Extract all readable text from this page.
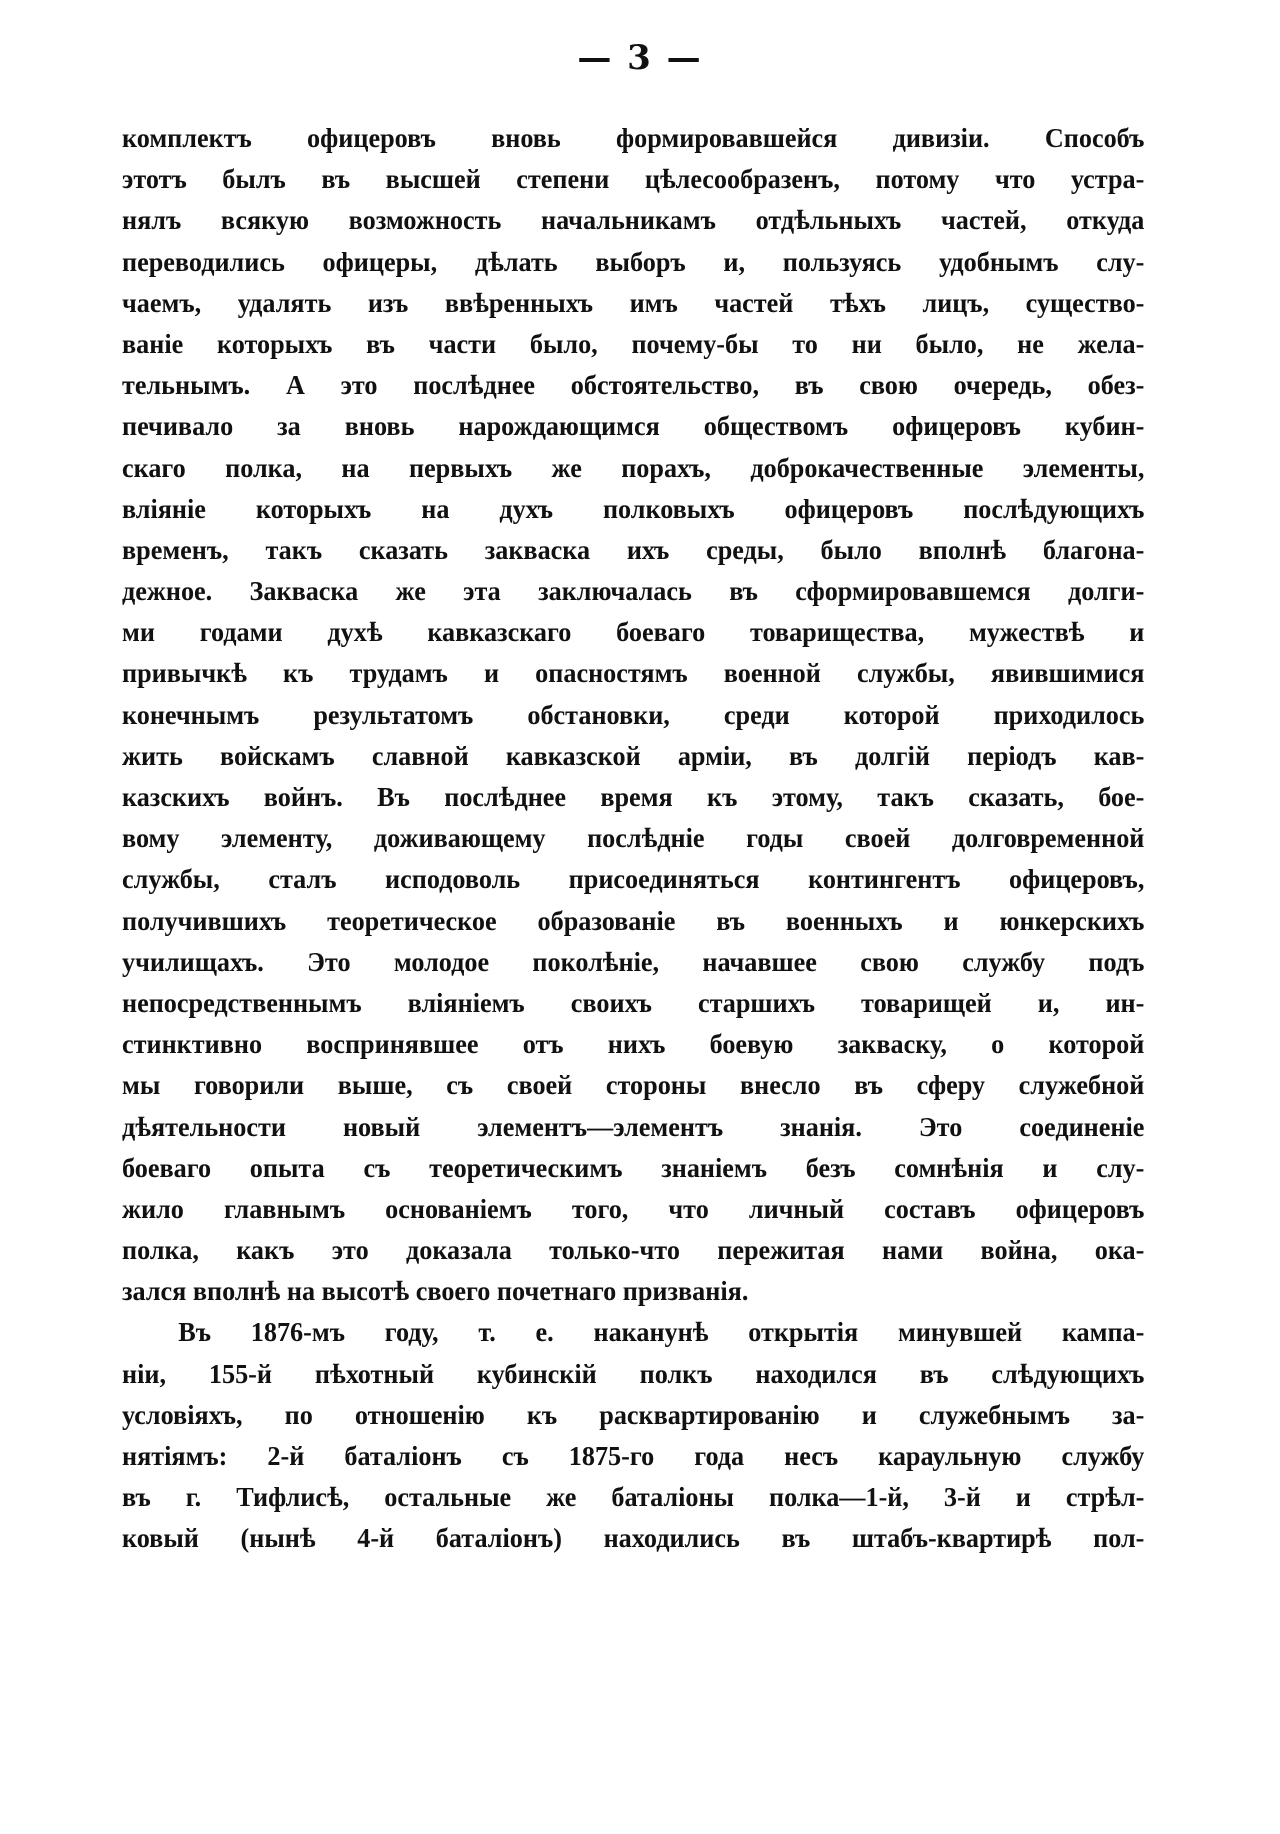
— 3 —
комплектъ офицеровъ вновь формировавшейся дивизіи. Способъ
этотъ былъ въ высшей степени цѣлесообразенъ, потому что устра-
нялъ всякую возможность начальникамъ отдѣльныхъ частей, откуда
переводились офицеры, дѣлать выборъ и, пользуясь удобнымъ слу-
чаемъ, удалять изъ ввѣренныхъ имъ частей тѣхъ лицъ, существо-
ваніе которыхъ въ части было, почему-бы то ни было, не жела-
тельнымъ. А это послѣднее обстоятельство, въ свою очередь, обез-
печивало за вновь нарождающимся обществомъ офицеровъ кубин-
скаго полка, на первыхъ же порахъ, доброкачественные элементы,
вліяніе которыхъ на духъ полковыхъ офицеровъ послѣдующихъ
временъ, такъ сказать закваска ихъ среды, было вполнѣ благона-
дежное. Закваска же эта заключалась въ сформировавшемся долги-
ми годами духѣ кавказскаго боеваго товарищества, мужествѣ и
привычкѣ къ трудамъ и опасностямъ военной службы, явившимися
конечнымъ результатомъ обстановки, среди которой приходилось
жить войскамъ славной кавказской арміи, въ долгій періодъ кав-
казскихъ войнъ. Въ послѣднее время къ этому, такъ сказать, бое-
вому элементу, доживающему послѣдніе годы своей долговременной
службы, сталъ исподоволь присоединяться контингентъ офицеровъ,
получившихъ теоретическое образованіе въ военныхъ и юнкерскихъ
училищахъ. Это молодое поколѣніе, начавшее свою службу подъ
непосредственнымъ вліяніемъ своихъ старшихъ товарищей и, ин-
стинктивно воспринявшее отъ нихъ боевую закваску, о которой
мы говорили выше, съ своей стороны внесло въ сферу служебной
дѣятельности новый элементъ—элементъ знанія. Это соединеніе
боеваго опыта съ теоретическимъ знаніемъ безъ сомнѣнія и слу-
жило главнымъ основаніемъ того, что личный составъ офицеровъ
полка, какъ это доказала только-что пережитая нами война, ока-
зался вполнѣ на высотѣ своего почетнаго призванія.
Въ 1876-мъ году, т. е. наканунѣ открытія минувшей кампа-
ніи, 155-й пѣхотный кубинскій полкъ находился въ слѣдующихъ
условіяхъ, по отношенію къ расквартированію и служебнымъ за-
нятіямъ: 2-й баталіонъ съ 1875-го года несъ караульную службу
въ г. Тифлисѣ, остальные же баталіоны полка—1-й, 3-й и стрѣл-
ковый (нынѣ 4-й баталіонъ) находились въ штабъ-квартирѣ пол-
